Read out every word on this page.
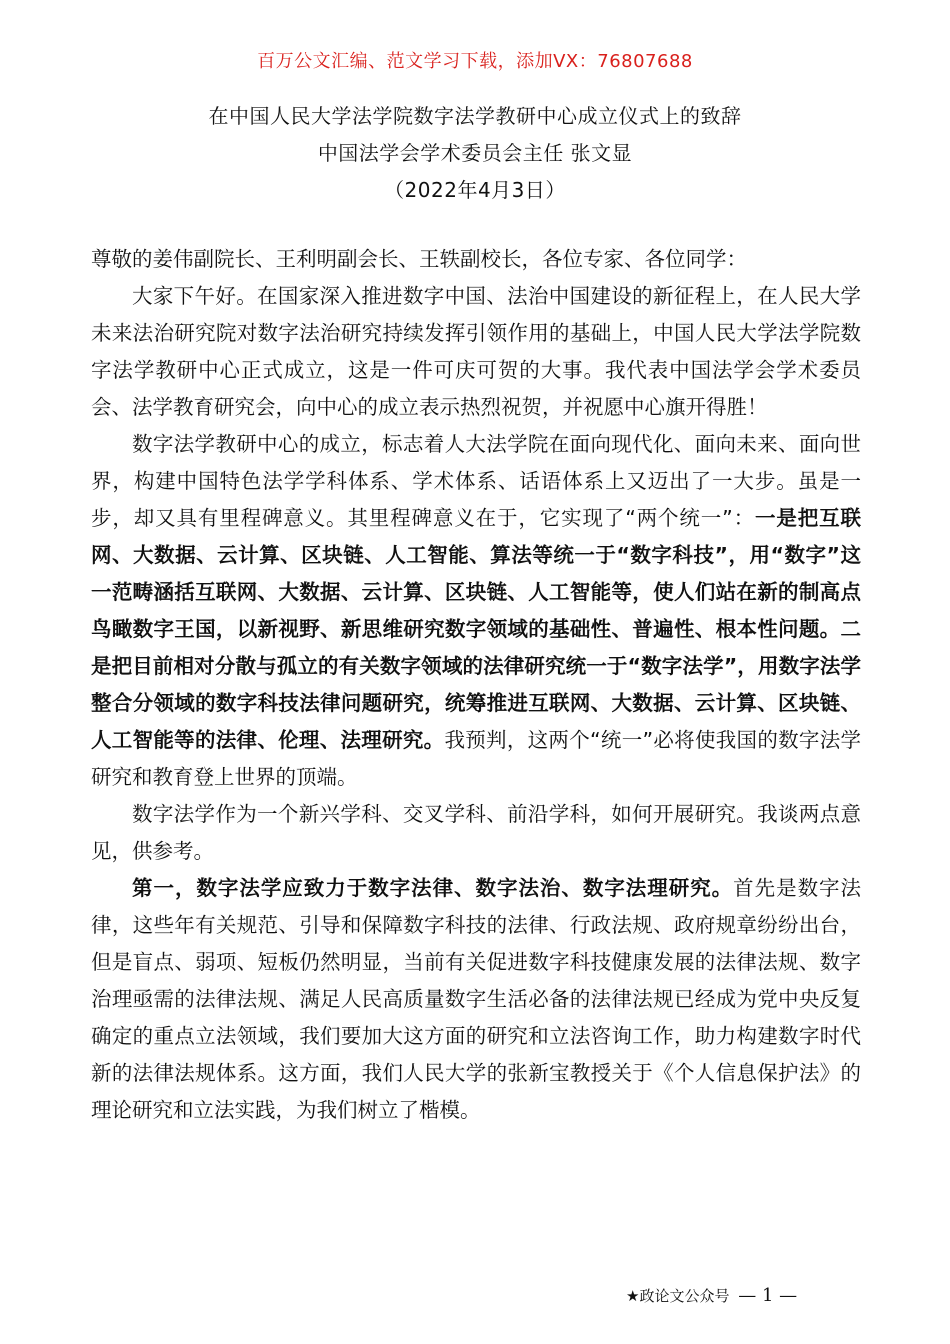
百万公文汇编、范文学习下载，添加VX：76807688
在中国人民大学法学院数字法学教研中心成立仪式上的致辞
中国法学会学术委员会主任 张文显
（2022年4月3日）

尊敬的姜伟副院长、王利明副会长、王轶副校长，各位专家、各位同学：

大家下午好。在国家深入推进数字中国、法治中国建设的新征程上，在人民大学未来法治研究院对数字法治研究持续发挥引领作用的基础上，中国人民大学法学院数字法学教研中心正式成立，这是一件可庆可贺的大事。我代表中国法学会学术委员会、法学教育研究会，向中心的成立表示热烈祝贺，并祝愿中心旗开得胜！

数字法学教研中心的成立，标志着人大法学院在面向现代化、面向未来、面向世界，构建中国特色法学学科体系、学术体系、话语体系上又迈出了一大步。虽是一步，却又具有里程碑意义。其里程碑意义在于，它实现了“两个统一”：一是把互联网、大数据、云计算、区块链、人工智能、算法等统一于“数字科技”，用“数字”这一范畴涵括互联网、大数据、云计算、区块链、人工智能等，使人们站在新的制高点鸟瞰数字王国，以新视野、新思维研究数字领域的基础性、普遍性、根本性问题。二是把目前相对分散与孤立的有关数字领域的法律研究统一于“数字法学”，用数字法学整合分领域的数字科技法律问题研究，统筹推进互联网、大数据、云计算、区块链、人工智能等的法律、伦理、法理研究。我预判，这两个“统一”必将使我国的数字法学研究和教育登上世界的顶端。

数字法学作为一个新兴学科、交叉学科、前沿学科，如何开展研究。我谈两点意见，供参考。

第一，数字法学应致力于数字法律、数字法治、数字法理研究。首先是数字法律，这些年有关规范、引导和保障数字科技的法律、行政法规、政府规章纷纷出台，但是盲点、弱项、短板仍然明显，当前有关促进数字科技健康发展的法律法规、数字治理亟需的法律法规、满足人民高质量数字生活必备的法律法规已经成为党中央反复确定的重点立法领域，我们要加大这方面的研究和立法咨询工作，助力构建数字时代新的法律法规体系。这方面，我们人民大学的张新宝教授关于《个人信息保护法》的理论研究和立法实践，为我们树立了楷模。

★政论文公众号 — 1 —
